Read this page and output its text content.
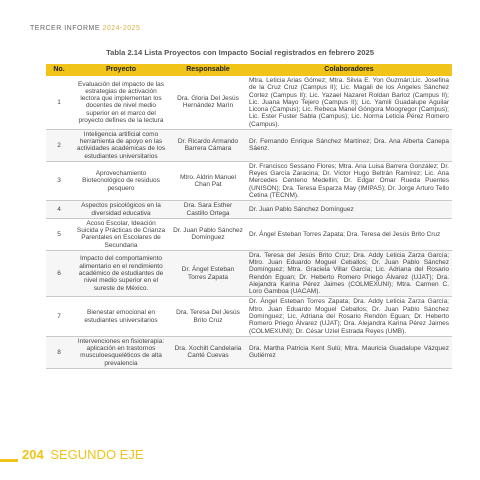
TERCER INFORME 2024-2025
Tabla 2.14 Lista Proyectos con Impacto Social registrados en febrero 2025
No.	Proyecto	Responsable	Colaboradores
1	Evaluación del impacto de las estrategias de activación lectora que implementan los docentes de nivel medio superior en el marco del proyecto defines de la lectura	Dra. Gloria Del Jesús Hernández Marín	Mtra. Leticia Arias Gómez; Mtra. Silvia E. Yon Guzmán;Lic. Josefina de la Cruz Cruz (Campus II); Lic. Magali de los Ángeles Sánchez Cortez (Campus II); Lic. Yazael Nazaret Roldan Barloz (Campus II); Lic. Juana Mayo Tejero (Campus II); Lic. Yamili Guadalupe Aguilar Licona (Campus); Lic. Rebeca Manel Góngora Moogregor (Campus); Lic. Ester Fuster Sabla (Campus); Lic. Norma Leticia Pérez Romero (Campus).
2	Inteligencia artificial como herramienta de apoyo en las actividades académicas de los estudiantes universitarios	Dr. Ricardo Armando Barrera Cámara	Dr. Fernando Enrique Sánchez Martínez; Dra. Ana Alberta Canepa Sáenz.
3	Aprovechamiento Biotecnológico de residuos pesquero	Mtro. Aldrin Manuel Chan Pat	Dr. Francisco Sessano Flores; Mtra. Ana Luisa Barrera González; Dr. Reyes García Zaracina; Dr. Víctor Hugo Beltrán Ramírez; Lic. Ana Mercedes Centeno Medellín; Dr. Edgar Omar Rueda Puentes (UNISON); Dra. Teresa Esparza May (IMIPAS); Dr. Jorge Arturo Tello Cetina (TECNM).
4	Aspectos psicológicos en la diversidad educativa	Dra. Sara Esther Castillo Ortega	Dr. Juan Pablo Sánchez Domínguez
5	Acoso Escolar, Ideación Suicida y Prácticas de Crianza Parentales en Escolares de Secundaria	Dr. Juan Pablo Sánchez Domínguez	Dr. Ángel Esteban Torres Zapata; Dra. Teresa del Jesús Brito Cruz
6	Impacto del comportamiento alimentario en el rendimiento académico de estudiantes de nivel medio superior en el sureste de México.	Dr. Ángel Esteban Torres Zapata	Dra. Teresa del Jesús Brito Cruz; Dra. Addy Leticia Zarza García; Mtro. Juan Eduardo Moguel Ceballos; Dr. Juan Pablo Sánchez Domínguez; Mtra. Graciela Villar García; Lic. Adriana del Rosario Rendón Eguan; Dr. Heberto Romero Priego Álvarez (UJAT); Dra. Alejandra Karina Pérez Jaimes (COLMEXUNI); Mtra. Carmen C. Loro Gamboa (UACAM).
7	Bienestar emocional en estudiantes universitarios	Dra. Teresa Del Jesús Brito Cruz	Dr. Ángel Esteban Torres Zapata; Dra. Addy Leticia Zarza García; Mtro. Juan Eduardo Moguel Ceballos; Dr. Juan Pablo Sánchez Domínguez; Lic. Adriana del Rosario Rendón Eguan; Dr. Heberto Romero Priego Álvarez (UJAT); Dra. Alejandra Karina Pérez Jaimes (COLMEXUNI); Dr. César Uziel Estrada Reyes (UMB).
8	Intervenciones en fisioterapia: aplicación en trastornos musculoesqueléticos de alta prevalencia	Dra. Xochilt Candelaria Canté Cuevas	Dra. Martha Patricia Kent Sulú; Mtra. Mauricia Guadalupe Vázquez Gutiérrez
204 SEGUNDO EJE
